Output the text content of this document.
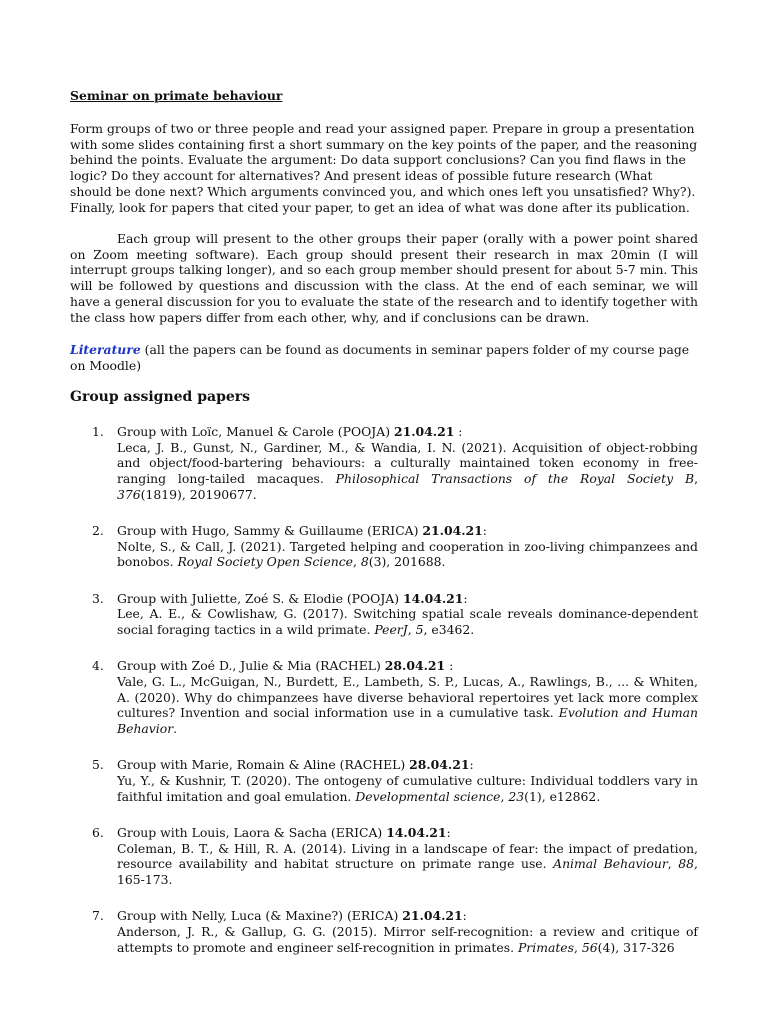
Seminar on primate behaviour

Form groups of two or three people and read your assigned paper. Prepare in group a presentation with some slides containing first a short summary on the key points of the paper, and the reasoning behind the points. Evaluate the argument: Do data support conclusions? Can you find flaws in the logic? Do they account for alternatives? And present ideas of possible future research (What should be done next? Which arguments convinced you, and which ones left you unsatisfied? Why?). Finally, look for papers that cited your paper, to get an idea of what was done after its publication.

Each group will present to the other groups their paper (orally with a power point shared on Zoom meeting software). Each group should present their research in max 20min (I will interrupt groups talking longer), and so each group member should present for about 5-7 min. This will be followed by questions and discussion with the class. At the end of each seminar, we will have a general discussion for you to evaluate the state of the research and to identify together with the class how papers differ from each other, why, and if conclusions can be drawn.

Literature (all the papers can be found as documents in seminar papers folder of my course page on Moodle)

Group assigned papers
1. Group with Loïc, Manuel & Carole (POOJA) 21.04.21 :
Leca, J. B., Gunst, N., Gardiner, M., & Wandia, I. N. (2021). Acquisition of object-robbing and object/food-bartering behaviours: a culturally maintained token economy in free-ranging long-tailed macaques. Philosophical Transactions of the Royal Society B, 376(1819), 20190677.
2. Group with Hugo, Sammy & Guillaume (ERICA) 21.04.21:
Nolte, S., & Call, J. (2021). Targeted helping and cooperation in zoo-living chimpanzees and bonobos. Royal Society Open Science, 8(3), 201688.
3. Group with Juliette, Zoé S. & Elodie (POOJA) 14.04.21:
Lee, A. E., & Cowlishaw, G. (2017). Switching spatial scale reveals dominance-dependent social foraging tactics in a wild primate. PeerJ, 5, e3462.
4. Group with Zoé D., Julie & Mia (RACHEL) 28.04.21 :
Vale, G. L., McGuigan, N., Burdett, E., Lambeth, S. P., Lucas, A., Rawlings, B., ... & Whiten, A. (2020). Why do chimpanzees have diverse behavioral repertoires yet lack more complex cultures? Invention and social information use in a cumulative task. Evolution and Human Behavior.
5. Group with Marie, Romain & Aline (RACHEL) 28.04.21:
Yu, Y., & Kushnir, T. (2020). The ontogeny of cumulative culture: Individual toddlers vary in faithful imitation and goal emulation. Developmental science, 23(1), e12862.
6. Group with Louis, Laora & Sacha (ERICA) 14.04.21:
Coleman, B. T., & Hill, R. A. (2014). Living in a landscape of fear: the impact of predation, resource availability and habitat structure on primate range use. Animal Behaviour, 88, 165-173.
7. Group with Nelly, Luca (& Maxine?) (ERICA) 21.04.21:
Anderson, J. R., & Gallup, G. G. (2015). Mirror self-recognition: a review and critique of attempts to promote and engineer self-recognition in primates. Primates, 56(4), 317-326
